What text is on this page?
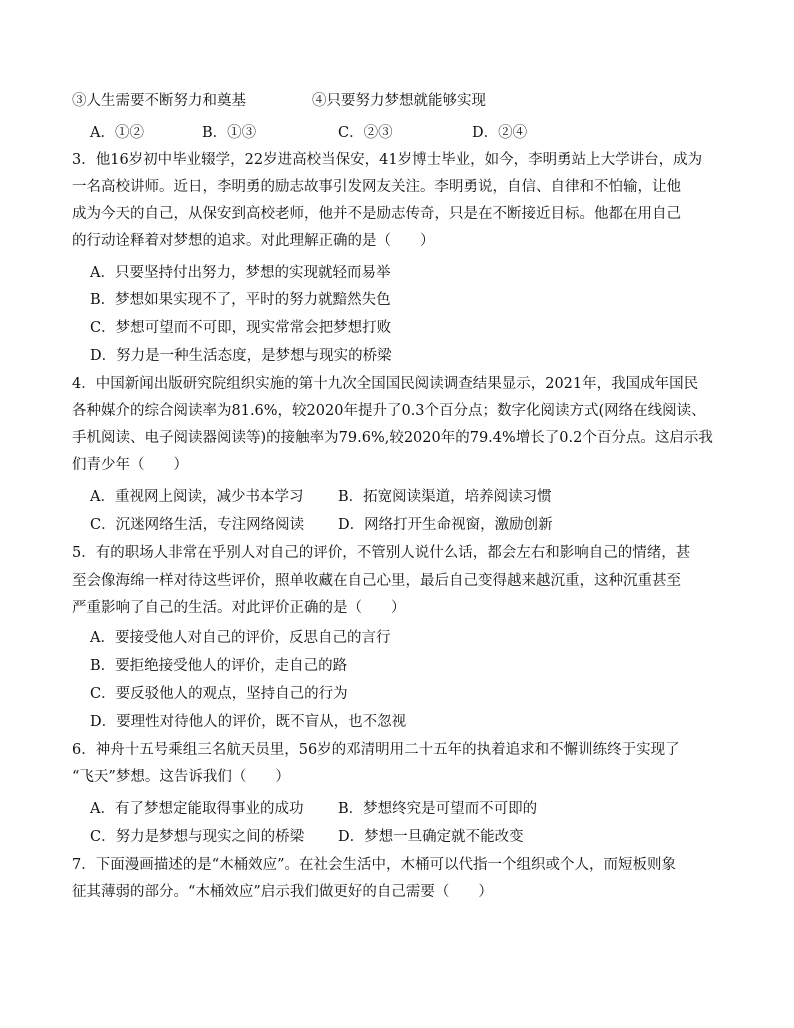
③人生需要不断努力和奠基	④只要努力梦想就能够实现
A．①②	B．①③	C．②③	D．②④
3．他16岁初中毕业辍学，22岁进高校当保安，41岁博士毕业，如今，李明勇站上大学讲台，成为
一名高校讲师。近日，李明勇的励志故事引发网友关注。李明勇说，自信、自律和不怕输，让他
成为今天的自己，从保安到高校老师，他并不是励志传奇，只是在不断接近目标。他都在用自己
的行动诠释着对梦想的追求。对此理解正确的是（　　）
A．只要坚持付出努力，梦想的实现就轻而易举
B．梦想如果实现不了，平时的努力就黯然失色
C．梦想可望而不可即，现实常常会把梦想打败
D．努力是一种生活态度，是梦想与现实的桥梁
4．中国新闻出版研究院组织实施的第十九次全国国民阅读调查结果显示，2021年，我国成年国民
各种媒介的综合阅读率为81.6%，较2020年提升了0.3个百分点；数字化阅读方式(网络在线阅读、
手机阅读、电子阅读器阅读等)的接触率为79.6%,较2020年的79.4%增长了0.2个百分点。这启示我
们青少年（　　）
A．重视网上阅读，减少书本学习 B．拓宽阅读渠道，培养阅读习惯
C．沉迷网络生活，专注网络阅读 D．网络打开生命视窗，激励创新
5．有的职场人非常在乎别人对自己的评价，不管别人说什么话，都会左右和影响自己的情绪，甚
至会像海绵一样对待这些评价，照单收藏在自己心里，最后自己变得越来越沉重，这种沉重甚至
严重影响了自己的生活。对此评价正确的是（　　）
A．要接受他人对自己的评价，反思自己的言行
B．要拒绝接受他人的评价，走自己的路
C．要反驳他人的观点，坚持自己的行为
D．要理性对待他人的评价，既不盲从，也不忽视
6．神舟十五号乘组三名航天员里，56岁的邓清明用二十五年的执着追求和不懈训练终于实现了
“飞天”梦想。这告诉我们（　　）
A．有了梦想定能取得事业的成功 B．梦想终究是可望而不可即的
C．努力是梦想与现实之间的桥梁 D．梦想一旦确定就不能改变
7．下面漫画描述的是“木桶效应”。在社会生活中，木桶可以代指一个组织或个人，而短板则象
征其薄弱的部分。“木桶效应”启示我们做更好的自己需要（　　）
